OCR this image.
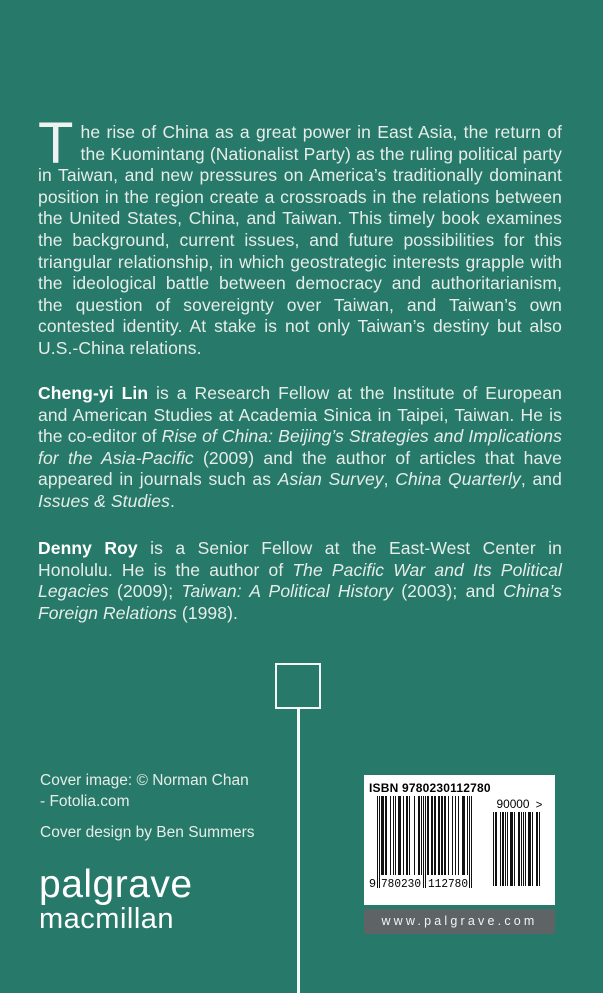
The rise of China as a great power in East Asia, the return of the Kuomintang (Nationalist Party) as the ruling political party in Taiwan, and new pressures on America’s traditionally dominant position in the region create a crossroads in the relations between the United States, China, and Taiwan. This timely book examines the background, current issues, and future possibilities for this triangular relationship, in which geostrategic interests grapple with the ideological battle between democracy and authoritarianism, the question of sovereignty over Taiwan, and Taiwan’s own contested identity. At stake is not only Taiwan’s destiny but also U.S.-China relations.
Cheng-yi Lin is a Research Fellow at the Institute of European and American Studies at Academia Sinica in Taipei, Taiwan. He is the co-editor of Rise of China: Beijing’s Strategies and Implications for the Asia-Pacific (2009) and the author of articles that have appeared in journals such as Asian Survey, China Quarterly, and Issues & Studies.
Denny Roy is a Senior Fellow at the East-West Center in Honolulu. He is the author of The Pacific War and Its Political Legacies (2009); Taiwan: A Political History (2003); and China’s Foreign Relations (1998).
Cover image: © Norman Chan
- Fotolia.com
Cover design by Ben Summers
palgrave
macmillan
ISBN 9780230112780
9 780230 112780
90000 >
www.palgrave.com
